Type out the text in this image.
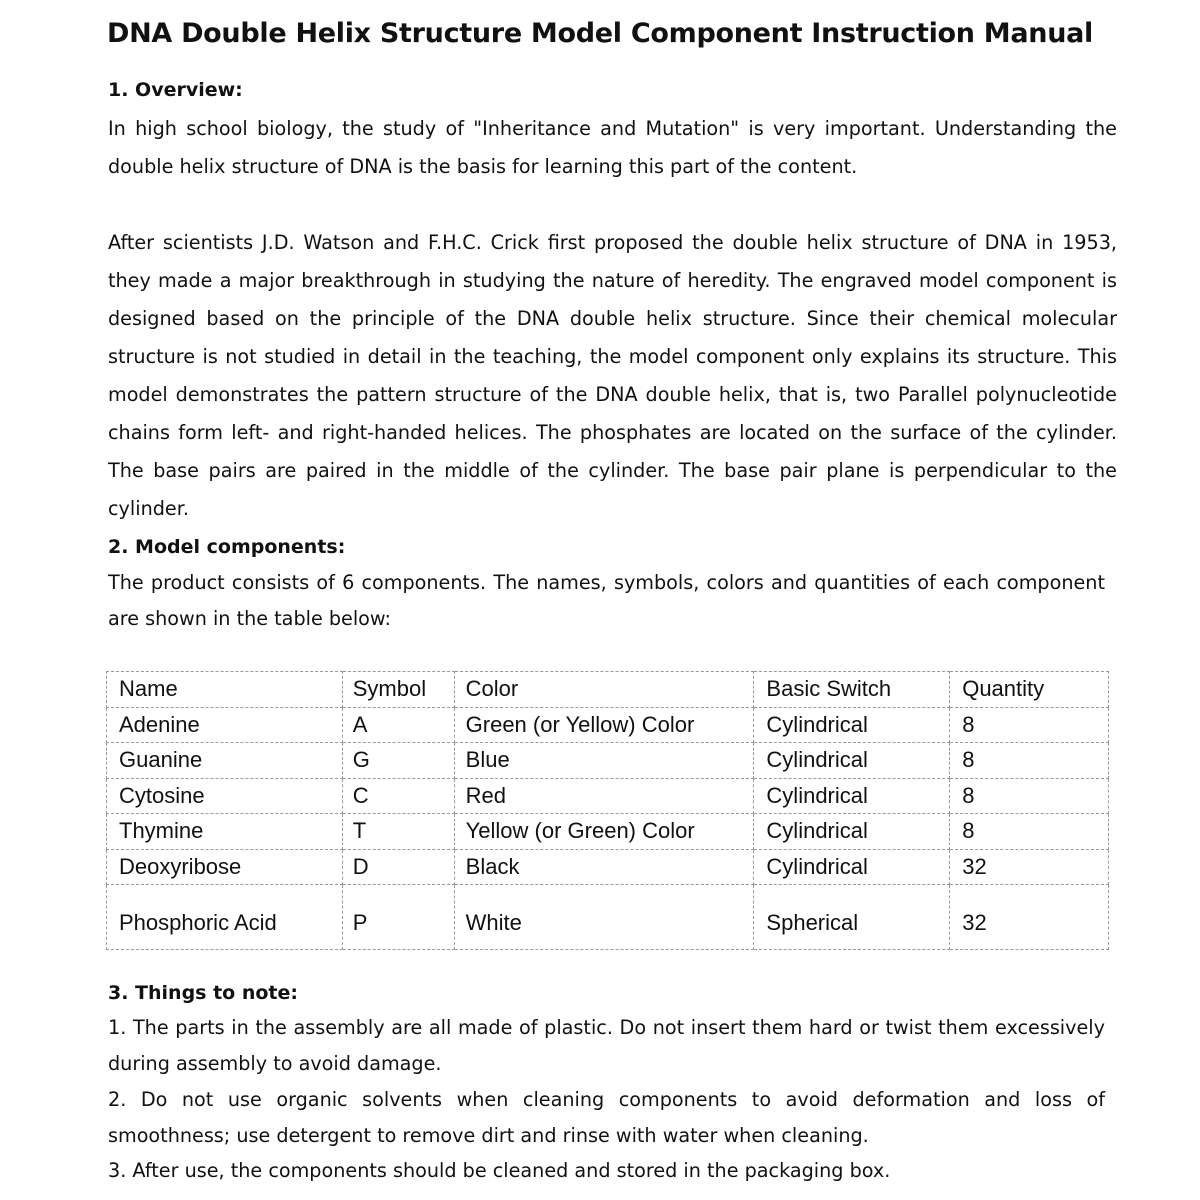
DNA Double Helix Structure Model Component Instruction Manual
1. Overview:

In high school biology, the study of "Inheritance and Mutation" is very important. Understanding the double helix structure of DNA is the basis for learning this part of the content.

After scientists J.D. Watson and F.H.C. Crick first proposed the double helix structure of DNA in 1953, they made a major breakthrough in studying the nature of heredity. The engraved model component is designed based on the principle of the DNA double helix structure. Since their chemical molecular structure is not studied in detail in the teaching, the model component only explains its structure. This model demonstrates the pattern structure of the DNA double helix, that is, two Parallel polynucleotide chains form left- and right-handed helices. The phosphates are located on the surface of the cylinder. The base pairs are paired in the middle of the cylinder. The base pair plane is perpendicular to the cylinder.

2. Model components:

The product consists of 6 components. The names, symbols, colors and quantities of each component are shown in the table below:

Name	Symbol	Color	Basic Switch	Quantity
Adenine	A	Green (or Yellow) Color	Cylindrical	8
Guanine	G	Blue	Cylindrical	8
Cytosine	C	Red	Cylindrical	8
Thymine	T	Yellow (or Green) Color	Cylindrical	8
Deoxyribose	D	Black	Cylindrical	32
Phosphoric Acid	P	White	Spherical	32
3. Things to note:

1. The parts in the assembly are all made of plastic. Do not insert them hard or twist them excessively during assembly to avoid damage.

2. Do not use organic solvents when cleaning components to avoid deformation and loss of smoothness; use detergent to remove dirt and rinse with water when cleaning.

3. After use, the components should be cleaned and stored in the packaging box.
